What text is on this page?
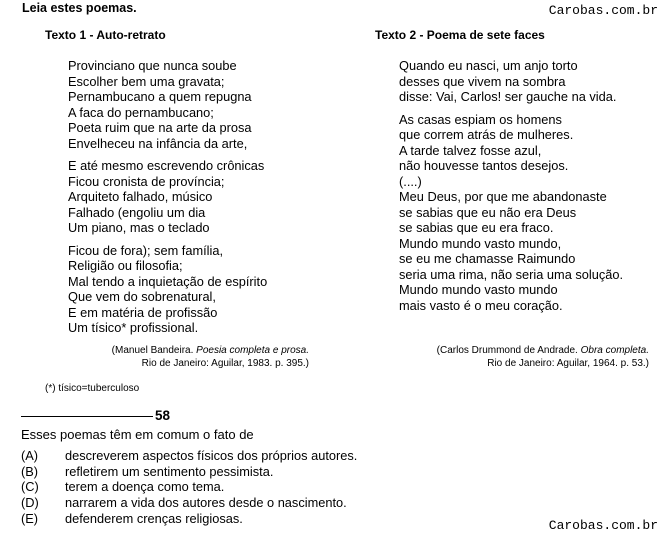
Leia estes poemas.	Carobas.com.br
Texto 1 - Auto-retrato	Texto 2 - Poema de sete faces
Provinciano que nunca soube
Escolher bem uma gravata;
Pernambucano a quem repugna
A faca do pernambucano;
Poeta ruim que na arte da prosa
Envelheceu na infância da arte,
E até mesmo escrevendo crônicas
Ficou cronista de província;
Arquiteto falhado, músico
Falhado (engoliu um dia
Um piano, mas o teclado
Ficou de fora); sem família,
Religião ou filosofia;
Mal tendo a inquietação de espírito
Que vem do sobrenatural,
E em matéria de profissão
Um tísico* profissional.
Quando eu nasci, um anjo torto
desses que vivem na sombra
disse: Vai, Carlos! ser gauche na vida.
As casas espiam os homens
que correm atrás de mulheres.
A tarde talvez fosse azul,
não houvesse tantos desejos.
(....)
Meu Deus, por que me abandonaste
se sabias que eu não era Deus
se sabias que eu era fraco.
Mundo mundo vasto mundo,
se eu me chamasse Raimundo
seria uma rima, não seria uma solução.
Mundo mundo vasto mundo
mais vasto é o meu coração.
(Manuel Bandeira. Poesia completa e prosa.
Rio de Janeiro: Aguilar, 1983. p. 395.)
(Carlos Drummond de Andrade. Obra completa.
Rio de Janeiro: Aguilar, 1964. p. 53.)
(*) tísico=tuberculoso
58
Esses poemas têm em comum o fato de
(A)	descreverem aspectos físicos dos próprios autores.
(B)	refletirem um sentimento pessimista.
(C)	terem a doença como tema.
(D)	narrarem a vida dos autores desde o nascimento.
(E)	defenderem crenças religiosas.	Carobas.com.br
